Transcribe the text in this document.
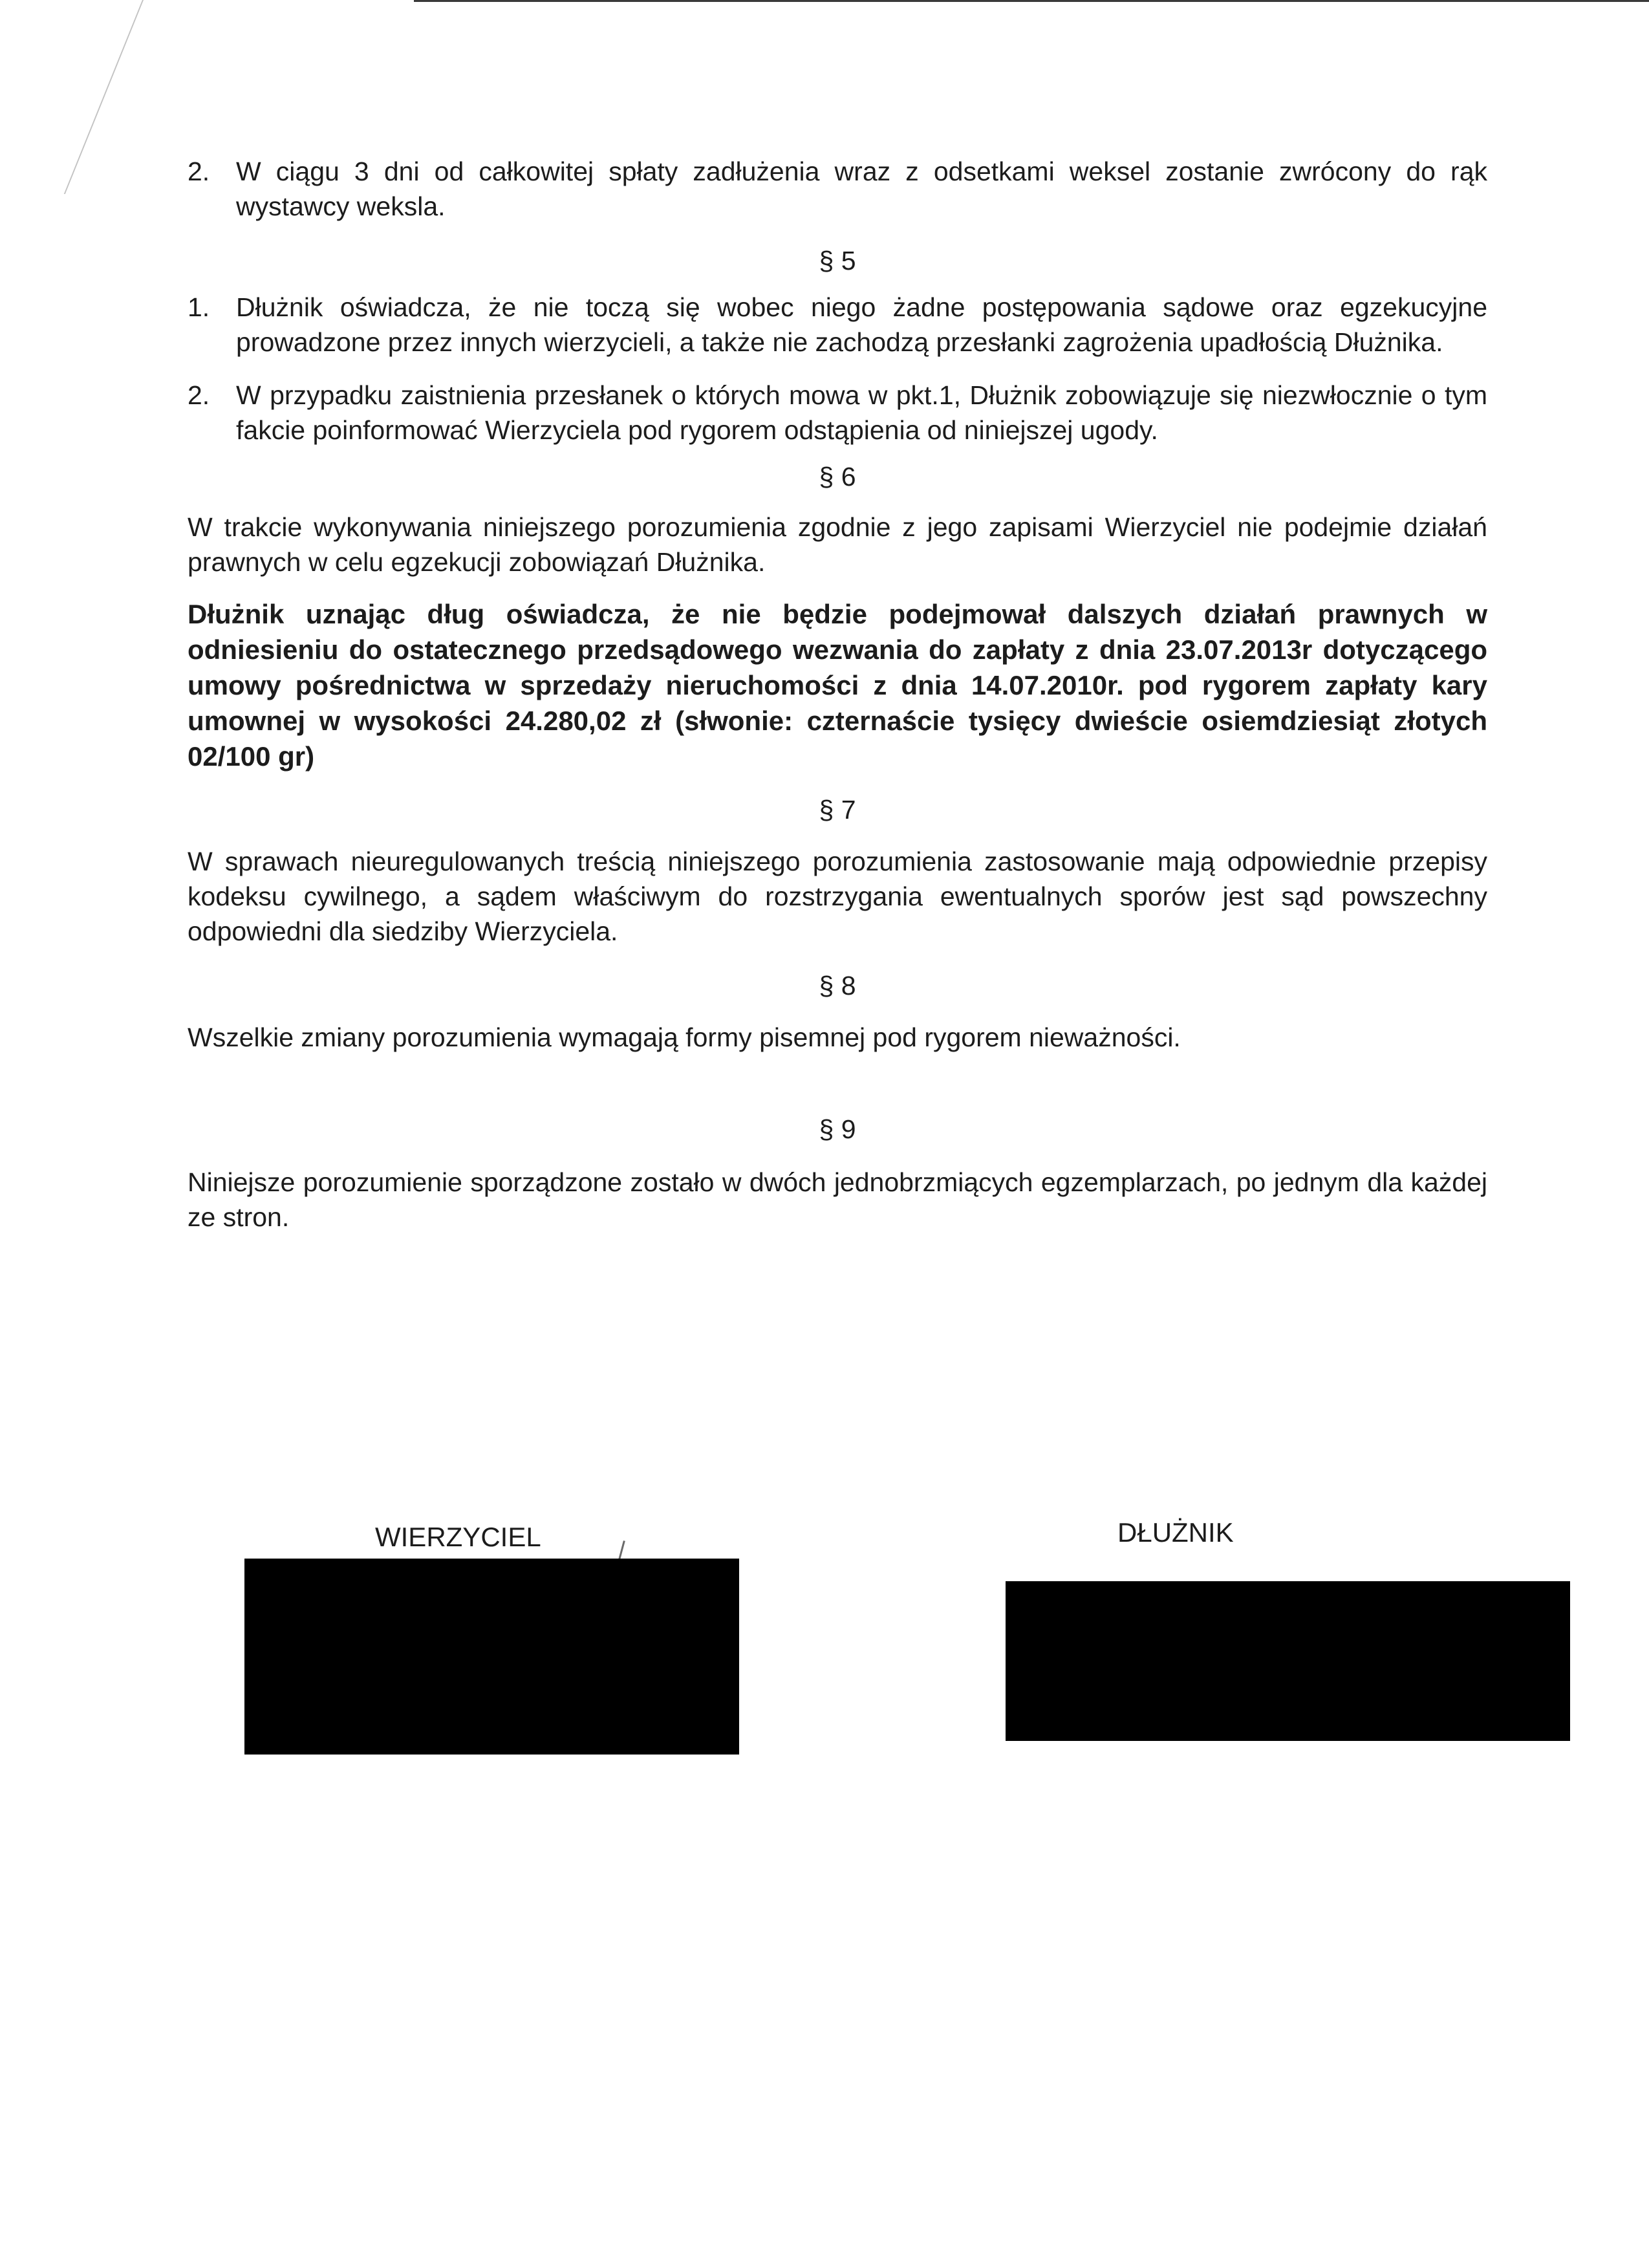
2. W ciągu 3 dni od całkowitej spłaty zadłużenia wraz z odsetkami weksel zostanie zwrócony do rąk wystawcy weksla.

§ 5

1. Dłużnik oświadcza, że nie toczą się wobec niego żadne postępowania sądowe oraz egzekucyjne prowadzone przez innych wierzycieli, a także nie zachodzą przesłanki zagrożenia upadłością Dłużnika.
2. W przypadku zaistnienia przesłanek o których mowa w pkt.1, Dłużnik zobowiązuje się niezwłocznie o tym fakcie poinformować Wierzyciela pod rygorem odstąpienia od niniejszej ugody.

§ 6

W trakcie wykonywania niniejszego porozumienia zgodnie z jego zapisami Wierzyciel nie podejmie działań prawnych w celu egzekucji zobowiązań Dłużnika.

Dłużnik uznając dług oświadcza, że nie będzie podejmował dalszych działań prawnych w odniesieniu do ostatecznego przedsądowego wezwania do zapłaty z dnia 23.07.2013r dotyczącego umowy pośrednictwa w sprzedaży nieruchomości z dnia 14.07.2010r. pod rygorem zapłaty kary umownej w wysokości 24.280,02 zł (słwonie: czternaście tysięcy dwieście osiemdziesiąt złotych 02/100 gr)

§ 7

W sprawach nieuregulowanych treścią niniejszego porozumienia zastosowanie mają odpowiednie przepisy kodeksu cywilnego, a sądem właściwym do rozstrzygania ewentualnych sporów jest sąd powszechny odpowiedni dla siedziby Wierzyciela.

§ 8

Wszelkie zmiany porozumienia wymagają formy pisemnej pod rygorem nieważności.

§ 9

Niniejsze porozumienie sporządzone zostało w dwóch jednobrzmiących egzemplarzach, po jednym dla każdej ze stron.

WIERZYCIEL	DŁUŻNIK
